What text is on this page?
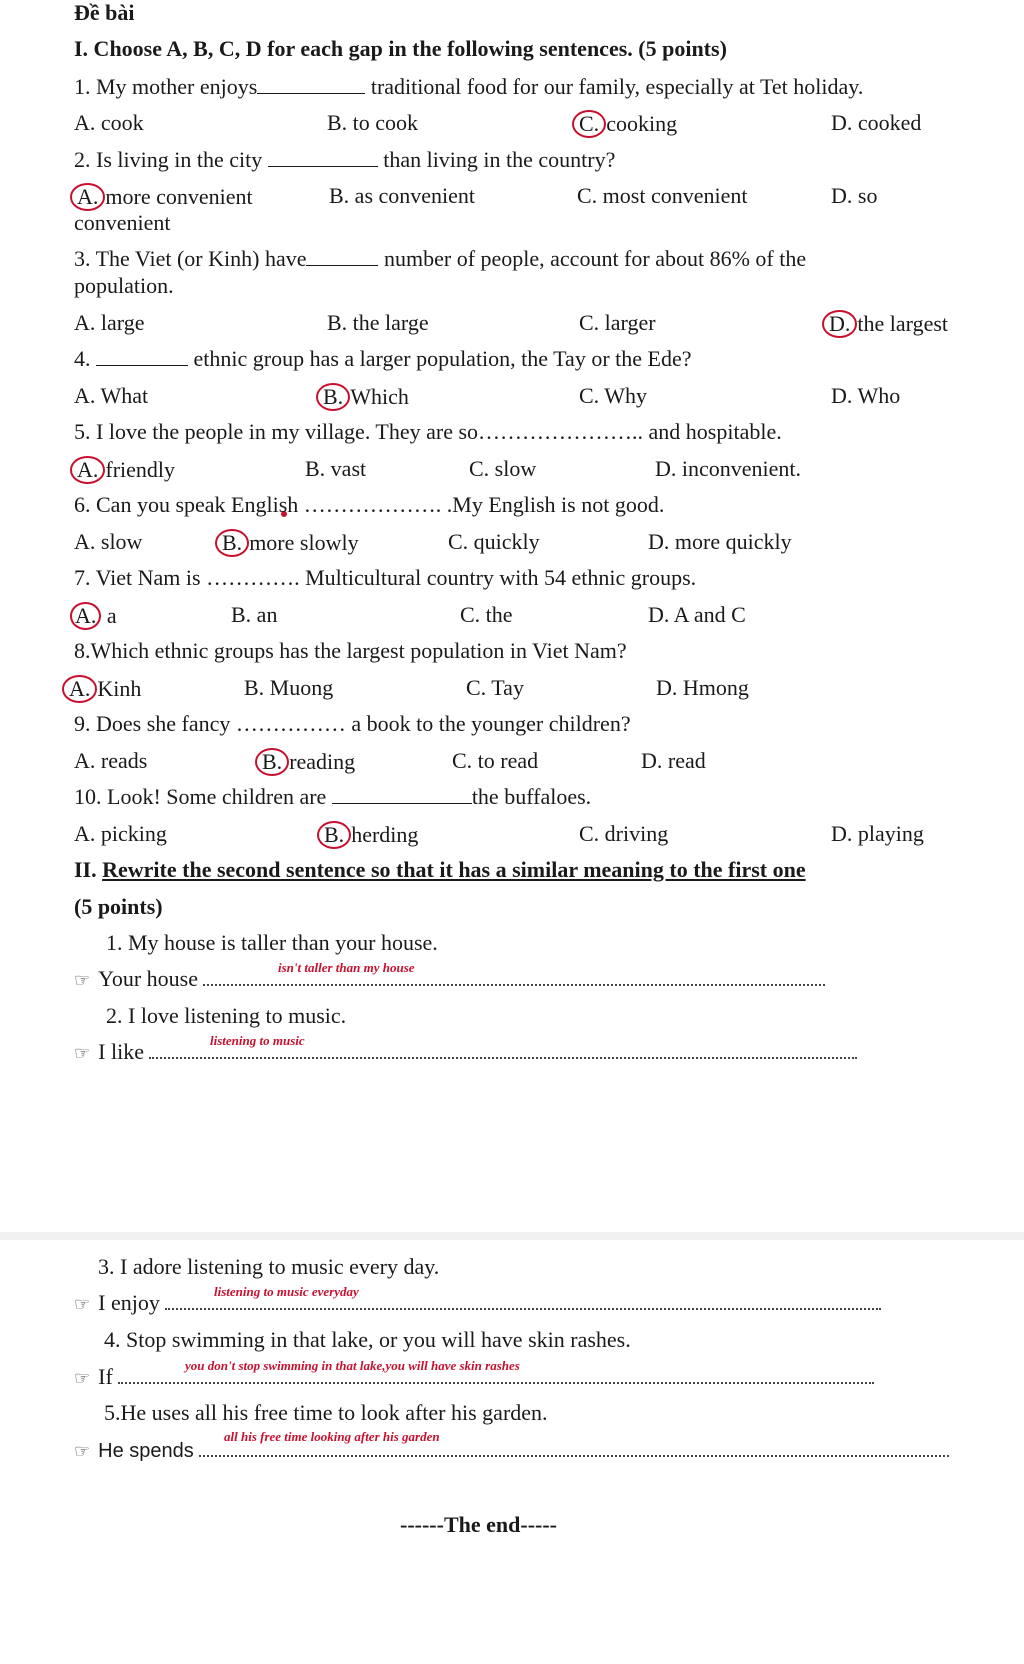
Đề bài
I. Choose A, B, C, D for each gap in the following sentences. (5 points)
1. My mother enjoys	traditional food for our family, especially at Tet holiday.
A. cook	B. to cook	C. cooking	D. cooked
2. Is living in the city	than living in the country?
A. more convenient	B. as convenient	C. most convenient	D. so
convenient
3. The Viet (or Kinh) have	number of people, account for about 86% of the
population.
A. large	B. the large	C. larger	D. the largest
4.	ethnic group has a larger population, the Tay or the Ede?
A. What	B. Which	C. Why	D. Who
5. I love the people in my village. They are so………………….. and hospitable.
A. friendly	B. vast	C. slow	D. inconvenient.
6. Can you speak English ………………. .My English is not good.
A. slow	B. more slowly	C. quickly	D. more quickly
7. Viet Nam is …………. Multicultural country with 54 ethnic groups.
A. a	B. an	C. the	D. A and C
8.Which ethnic groups has the largest population in Viet Nam?
A. Kinh	B. Muong	C. Tay	D. Hmong
9. Does she fancy …………… a book to the younger children?
A. reads	B. reading	C. to read	D. read
10. Look! Some children are	the buffaloes.
A. picking	B. herding	C. driving	D. playing
II. Rewrite the second sentence so that it has a similar meaning to the first one
(5 points)
1. My house is taller than your house.
☞ Your house	isn't taller than my house
2. I love listening to music.
☞ I like	listening to music
3. I adore listening to music every day.
☞ I enjoy	listening to music everyday
4. Stop swimming in that lake, or you will have skin rashes.
☞ If	you don't stop swimming in that lake,you will have skin rashes
5.He uses all his free time to look after his garden.
☞ He spends
all his free time looking after his garden
------The end-----
